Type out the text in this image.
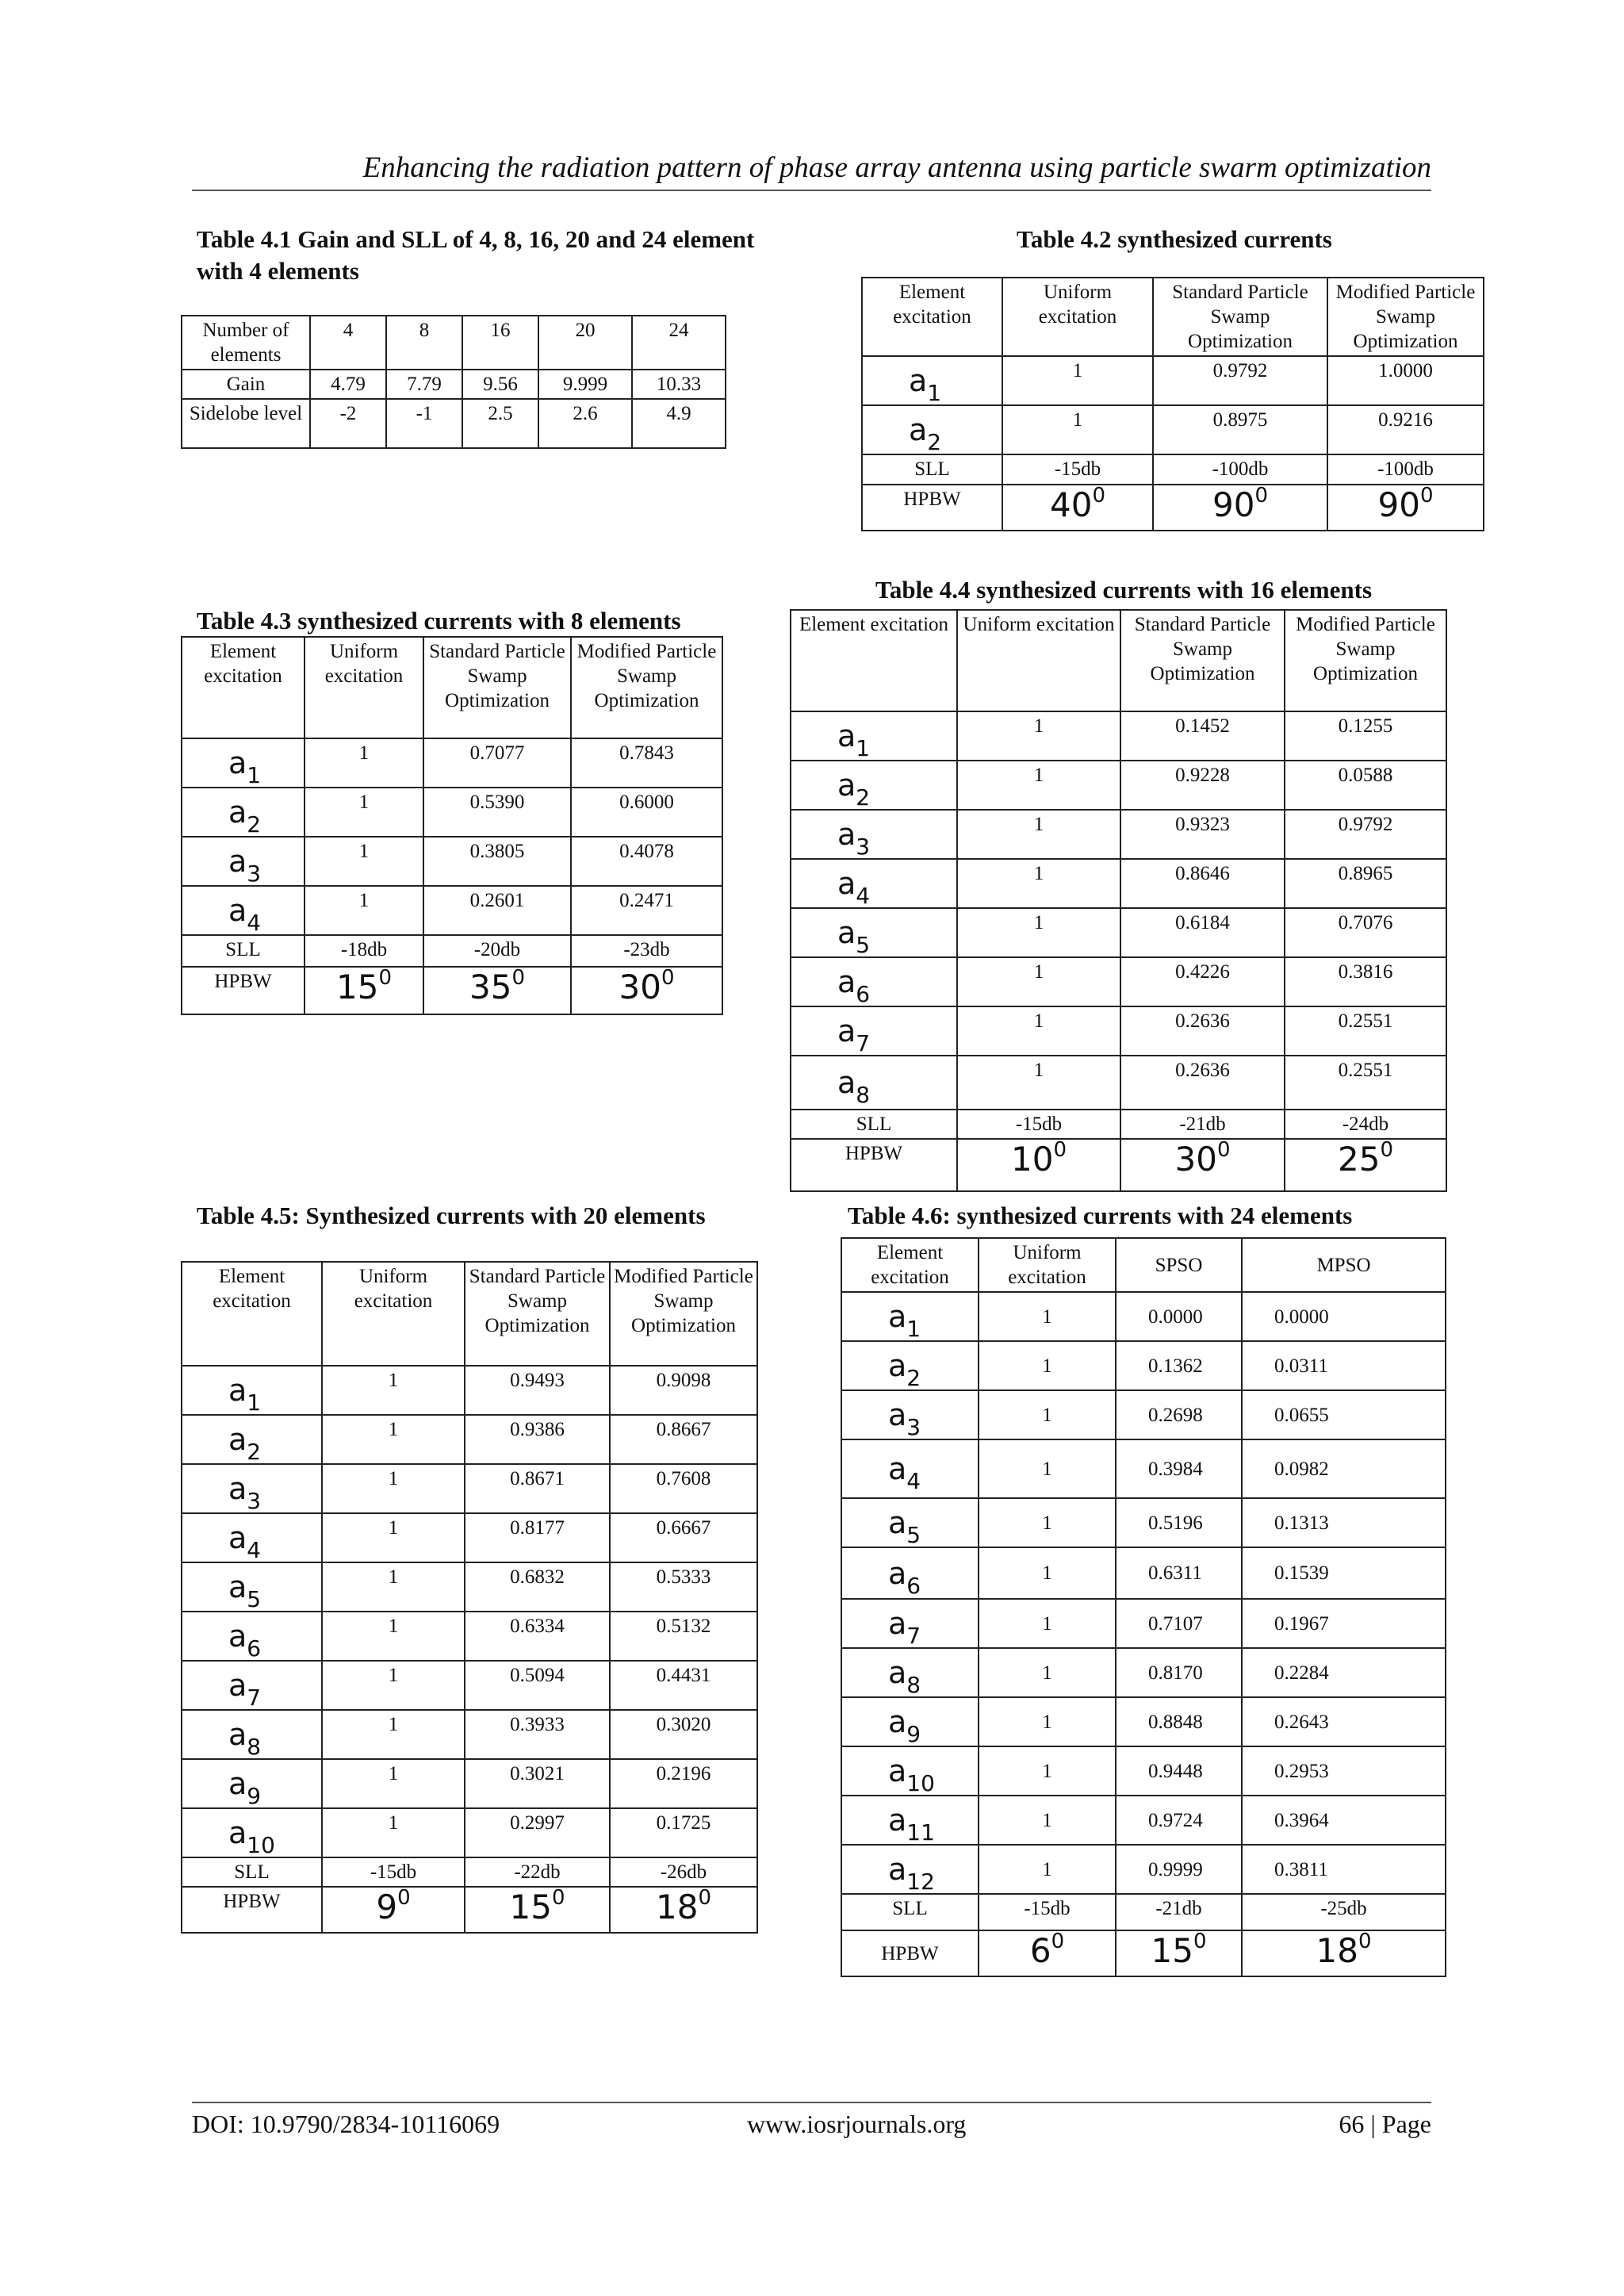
Enhancing the radiation pattern of phase array antenna using particle swarm optimization
Table 4.1 Gain and SLL of 4, 8, 16, 20 and 24 element
with 4 elements
Number of elements	4	8	16	20	24
Gain	4.79	7.79	9.56	9.999	10.33
Sidelobe level	-2	-1	2.5	2.6	4.9
Table 4.2 synthesized currents
Element excitation	Uniform excitation	Standard Particle Swamp Optimization	Modified Particle Swamp Optimization
$a_1$	1	0.9792	1.0000
$a_2$	1	0.8975	0.9216
SLL	-15db	-100db	-100db
HPBW	$40^0$	$90^0$	$90^0$
Table 4.3 synthesized currents with 8 elements
Element excitation	Uniform excitation	Standard Particle Swamp Optimization	Modified Particle Swamp Optimization
$a_1$	1	0.7077	0.7843
$a_2$	1	0.5390	0.6000
$a_3$	1	0.3805	0.4078
$a_4$	1	0.2601	0.2471
SLL	-18db	-20db	-23db
HPBW	$15^0$	$35^0$	$30^0$
Table 4.4 synthesized currents with 16 elements
Element excitation	Uniform excitation	Standard Particle Swamp Optimization	Modified Particle Swamp Optimization
$a_1$	1	0.1452	0.1255
$a_2$	1	0.9228	0.0588
$a_3$	1	0.9323	0.9792
$a_4$	1	0.8646	0.8965
$a_5$	1	0.6184	0.7076
$a_6$	1	0.4226	0.3816
$a_7$	1	0.2636	0.2551
$a_8$	1	0.2636	0.2551
SLL	-15db	-21db	-24db
HPBW	$10^0$	$30^0$	$25^0$
Table 4.5: Synthesized currents with 20 elements
Element excitation	Uniform excitation	Standard Particle Swamp Optimization	Modified Particle Swamp Optimization
$a_1$	1	0.9493	0.9098
$a_2$	1	0.9386	0.8667
$a_3$	1	0.8671	0.7608
$a_4$	1	0.8177	0.6667
$a_5$	1	0.6832	0.5333
$a_6$	1	0.6334	0.5132
$a_7$	1	0.5094	0.4431
$a_8$	1	0.3933	0.3020
$a_9$	1	0.3021	0.2196
$a_{10}$	1	0.2997	0.1725
SLL	-15db	-22db	-26db
HPBW	$9^0$	$15^0$	$18^0$
Table 4.6: synthesized currents with 24 elements
Element excitation	Uniform excitation	SPSO	MPSO
$a_1$	1	0.0000	0.0000
$a_2$	1	0.1362	0.0311
$a_3$	1	0.2698	0.0655
$a_4$	1	0.3984	0.0982
$a_5$	1	0.5196	0.1313
$a_6$	1	0.6311	0.1539
$a_7$	1	0.7107	0.1967
$a_8$	1	0.8170	0.2284
$a_9$	1	0.8848	0.2643
$a_{10}$	1	0.9448	0.2953
$a_{11}$	1	0.9724	0.3964
$a_{12}$	1	0.9999	0.3811
SLL	-15db	-21db	-25db
HPBW	$6^0$	$15^0$	$18^0$
DOI: 10.9790/2834-10116069	www.iosrjournals.org	66 | Page
